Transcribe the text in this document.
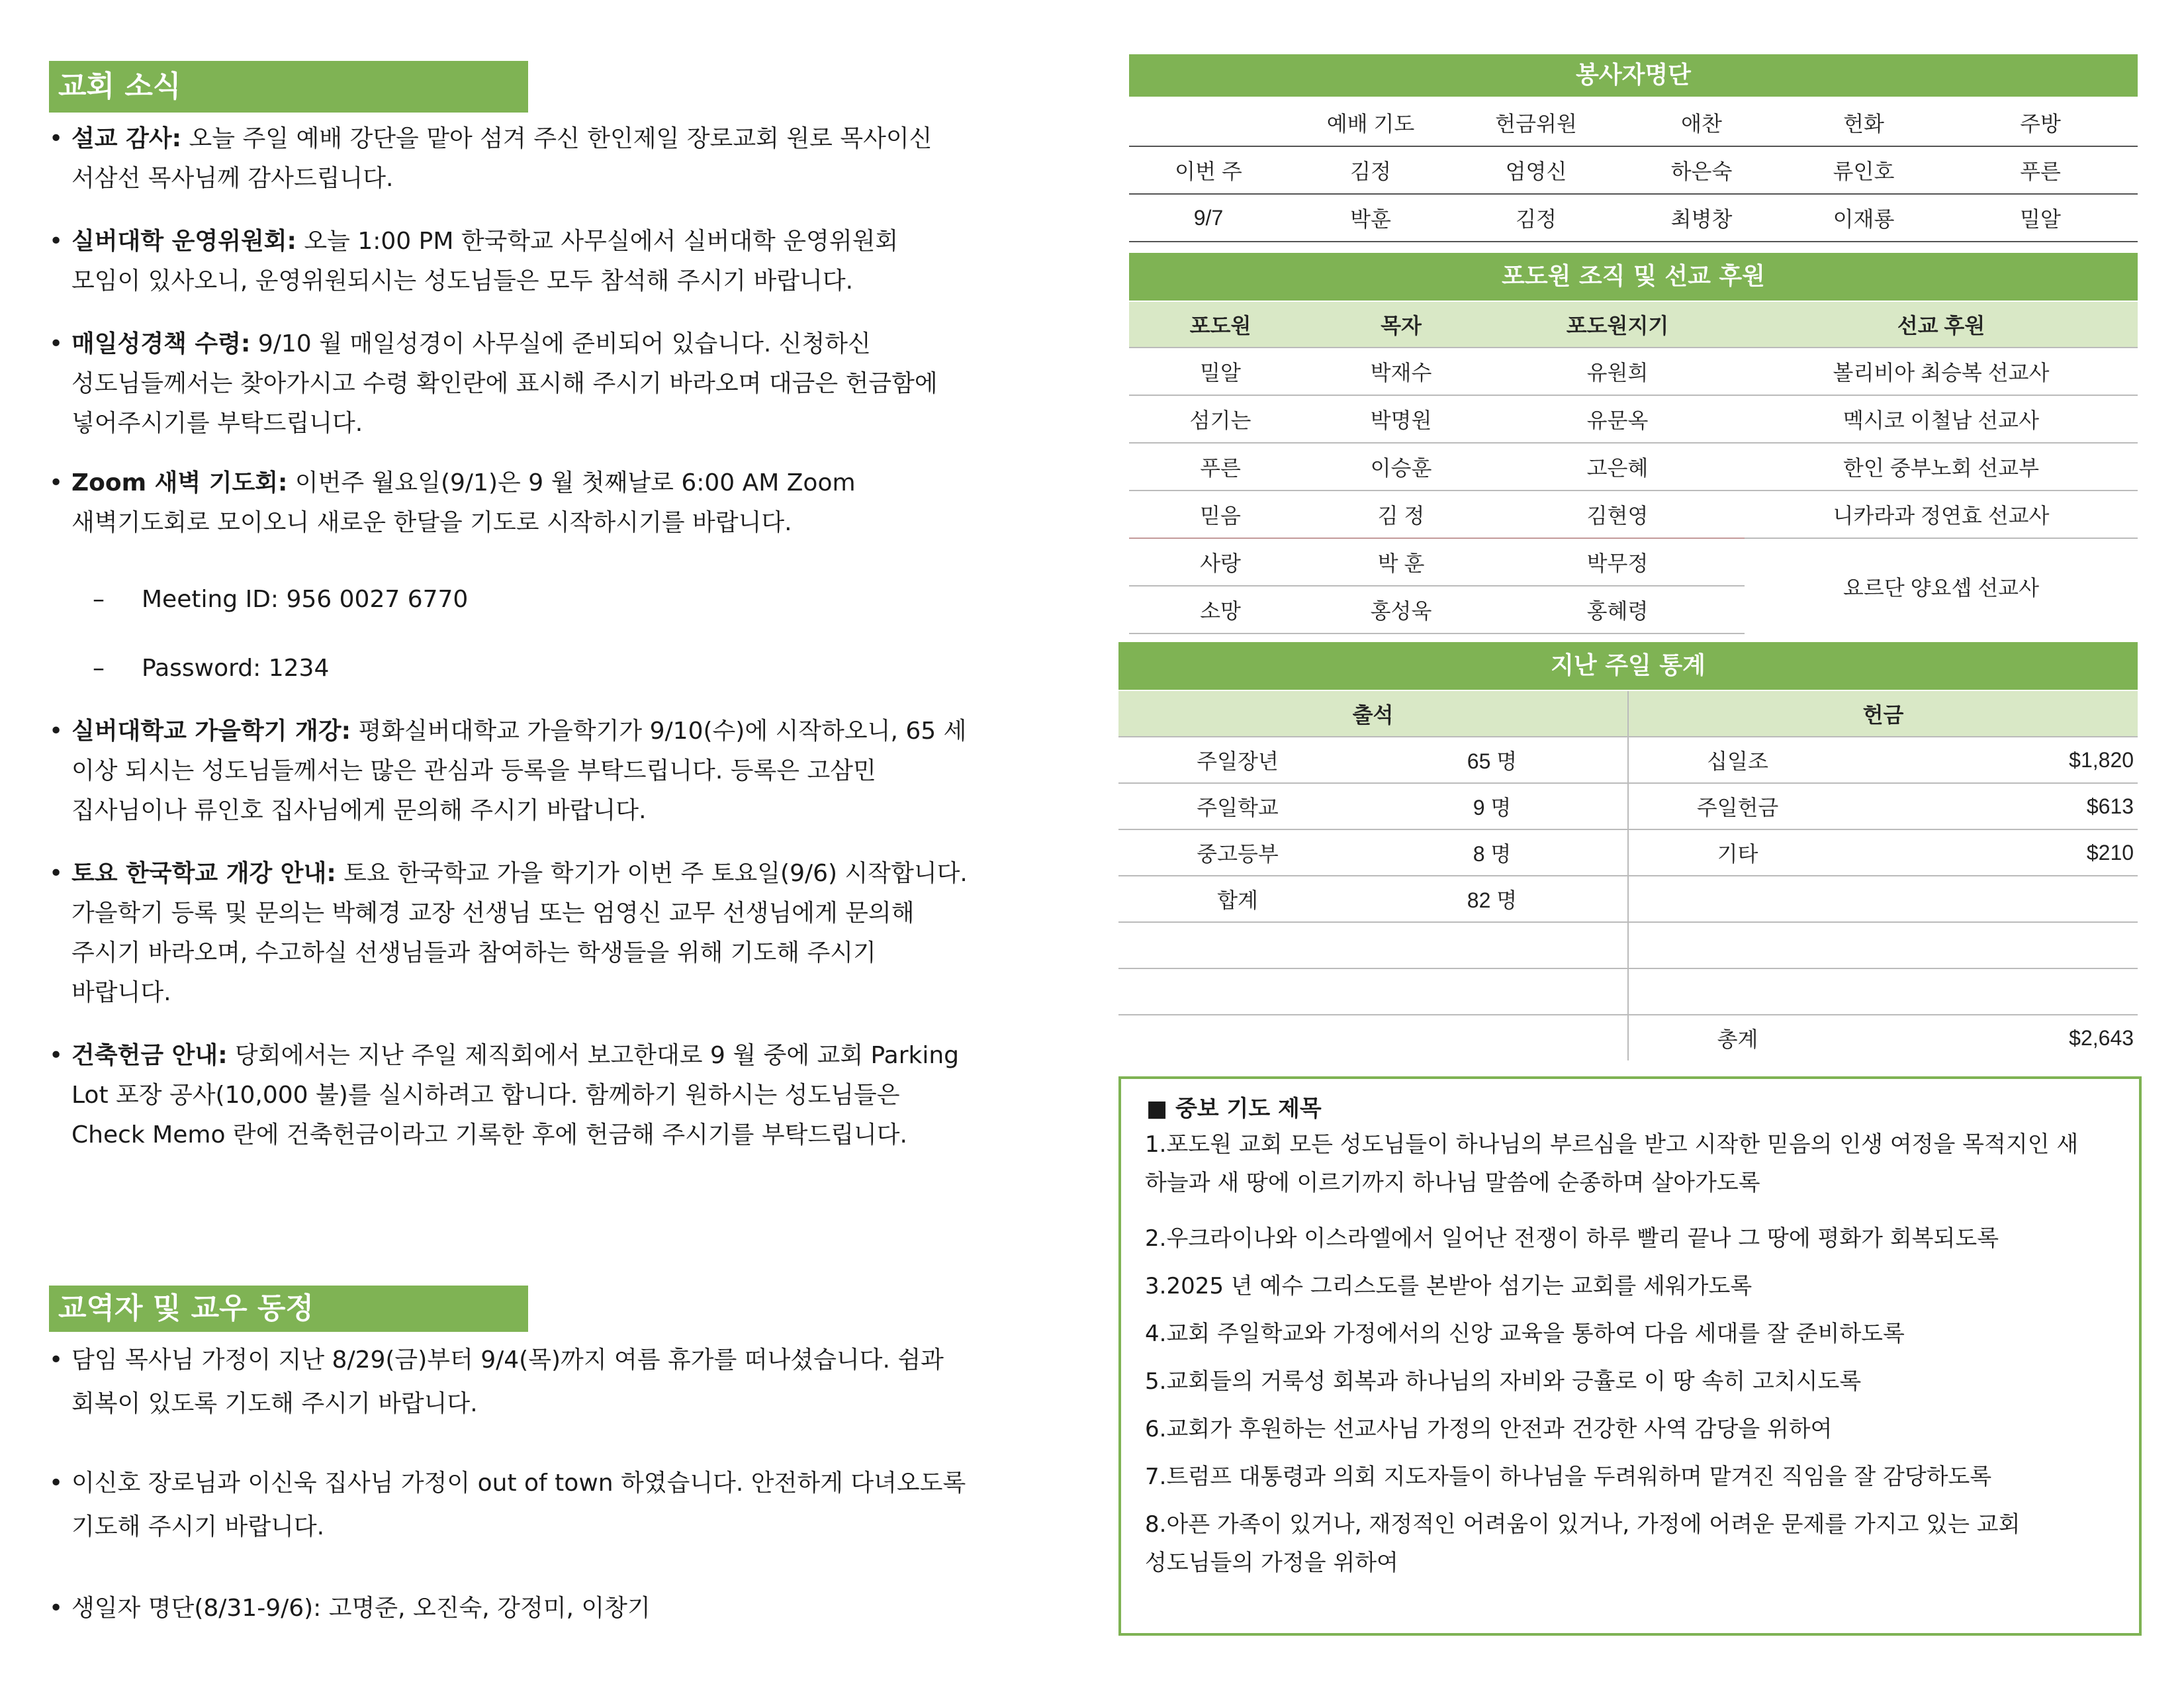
교회 소식
• 설교 감사: 오늘 주일 예배 강단을 맡아 섬겨 주신 한인제일 장로교회 원로 목사이신
서삼선 목사님께 감사드립니다.
• 실버대학 운영위원회: 오늘 1:00 PM 한국학교 사무실에서 실버대학 운영위원회
모임이 있사오니, 운영위원되시는 성도님들은 모두 참석해 주시기 바랍니다.
• 매일성경책 수령: 9/10 월 매일성경이 사무실에 준비되어 있습니다. 신청하신
성도님들께서는 찾아가시고 수령 확인란에 표시해 주시기 바라오며 대금은 헌금함에
넣어주시기를 부탁드립니다.
• Zoom 새벽 기도회: 이번주 월요일(9/1)은 9 월 첫째날로 6:00 AM Zoom
새벽기도회로 모이오니 새로운 한달을 기도로 시작하시기를 바랍니다.
• 실버대학교 가을학기 개강: 평화실버대학교 가을학기가 9/10(수)에 시작하오니, 65 세
이상 되시는 성도님들께서는 많은 관심과 등록을 부탁드립니다. 등록은 고삼민
집사님이나 류인호 집사님에게 문의해 주시기 바랍니다.
• 토요 한국학교 개강 안내: 토요 한국학교 가을 학기가 이번 주 토요일(9/6) 시작합니다.
가을학기 등록 및 문의는 박혜경 교장 선생님 또는 엄영신 교무 선생님에게 문의해
주시기 바라오며, 수고하실 선생님들과 참여하는 학생들을 위해 기도해 주시기
바랍니다.
• 건축헌금 안내: 당회에서는 지난 주일 제직회에서 보고한대로 9 월 중에 교회 Parking
Lot 포장 공사(10,000 불)를 실시하려고 합니다. 함께하기 원하시는 성도님들은
Check Memo 란에 건축헌금이라고 기록한 후에 헌금해 주시기를 부탁드립니다.
– Meeting ID: 956 0027 6770
– Password: 1234
교역자 및 교우 동정
• 담임 목사님 가정이 지난 8/29(금)부터 9/4(목)까지 여름 휴가를 떠나셨습니다. 쉼과
회복이 있도록 기도해 주시기 바랍니다.
• 이신호 장로님과 이신욱 집사님 가정이 out of town 하였습니다. 안전하게 다녀오도록
기도해 주시기 바랍니다.
• 생일자 명단(8/31-9/6): 고명준, 오진숙, 강정미, 이창기
봉사자명단
	예배 기도	헌금위원	애찬	헌화	주방
이번 주	김정	엄영신	하은숙	류인호	푸른
9/7	박훈	김정	최병창	이재룡	밀알
포도원 조직 및 선교 후원
포도원	목자	포도원지기	선교 후원
밀알	박재수	유원희	볼리비아 최승복 선교사
섬기는	박명원	유문옥	멕시코 이철남 선교사
푸른	이승훈	고은혜	한인 중부노회 선교부
믿음	김 정	김현영	니카라과 정연효 선교사
사랑	박 훈	박무정	요르단 양요셉 선교사
소망	홍성욱	홍혜령	
지난 주일 통계
출석		헌금	
주일장년	65 명	십일조	$1,820
주일학교	9 명	주일헌금	$613
중고등부	8 명	기타	$210
합계	82 명		

		총계	$2,643
■ 중보 기도 제목
1.포도원 교회 모든 성도님들이 하나님의 부르심을 받고 시작한 믿음의 인생 여정을 목적지인 새
하늘과 새 땅에 이르기까지 하나님 말씀에 순종하며 살아가도록
2.우크라이나와 이스라엘에서 일어난 전쟁이 하루 빨리 끝나 그 땅에 평화가 회복되도록
3.2025 년 예수 그리스도를 본받아 섬기는 교회를 세워가도록
4.교회 주일학교와 가정에서의 신앙 교육을 통하여 다음 세대를 잘 준비하도록
5.교회들의 거룩성 회복과 하나님의 자비와 긍휼로 이 땅 속히 고치시도록
6.교회가 후원하는 선교사님 가정의 안전과 건강한 사역 감당을 위하여
7.트럼프 대통령과 의회 지도자들이 하나님을 두려워하며 맡겨진 직임을 잘 감당하도록
8.아픈 가족이 있거나, 재정적인 어려움이 있거나, 가정에 어려운 문제를 가지고 있는 교회
성도님들의 가정을 위하여
